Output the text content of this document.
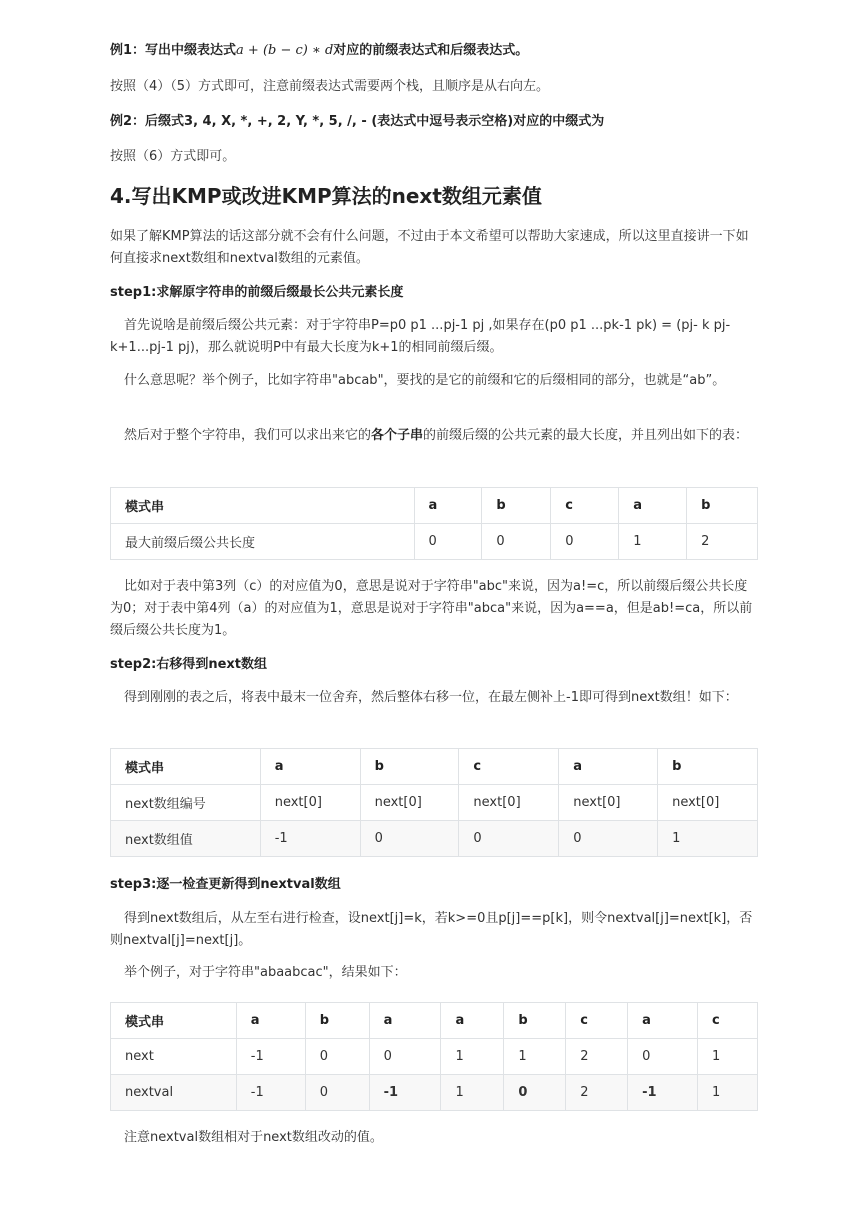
例1：写出中缀表达式a + (b − c) ∗ d对应的前缀表达式和后缀表达式。
按照（4）（5）方式即可，注意前缀表达式需要两个栈，且顺序是从右向左。
例2：后缀式3, 4, X, *, +, 2, Y, *, 5, /, - (表达式中逗号表示空格)对应的中缀式为
按照（6）方式即可。
4.写出KMP或改进KMP算法的next数组元素值
如果了解KMP算法的话这部分就不会有什么问题，不过由于本文希望可以帮助大家速成，所以这里直接讲一下如何直接求next数组和nextval数组的元素值。
step1:求解原字符串的前缀后缀最长公共元素长度
首先说啥是前缀后缀公共元素：对于字符串P=p0 p1 ...pj-1 pj ,如果存在(p0 p1 ...pk-1 pk) = (pj- k pj-k+1...pj-1 pj)，那么就说明P中有最大长度为k+1的相同前缀后缀。
什么意思呢？举个例子，比如字符串"abcab"，要找的是它的前缀和它的后缀相同的部分，也就是“ab”。
然后对于整个字符串，我们可以求出来它的各个子串的前缀后缀的公共元素的最大长度，并且列出如下的表：
模式串	a	b	c	a	b
最大前缀后缀公共长度	0	0	0	1	2
比如对于表中第3列（c）的对应值为0，意思是说对于字符串"abc"来说，因为a!=c，所以前缀后缀公共长度为0；对于表中第4列（a）的对应值为1，意思是说对于字符串"abca"来说，因为a==a，但是ab!=ca，所以前缀后缀公共长度为1。
step2:右移得到next数组
得到刚刚的表之后，将表中最末一位舍弃，然后整体右移一位，在最左侧补上-1即可得到next数组！如下：
模式串	a	b	c	a	b
next数组编号	next[0]	next[0]	next[0]	next[0]	next[0]
next数组值	-1	0	0	0	1
step3:逐一检查更新得到nextval数组
得到next数组后，从左至右进行检查，设next[j]=k，若k>=0且p[j]==p[k]，则令nextval[j]=next[k]，否则nextval[j]=next[j]。
举个例子，对于字符串"abaabcac"，结果如下：
模式串	a	b	a	a	b	c	a	c
next	-1	0	0	1	1	2	0	1
nextval	-1	0	-1	1	0	2	-1	1
注意nextval数组相对于next数组改动的值。
